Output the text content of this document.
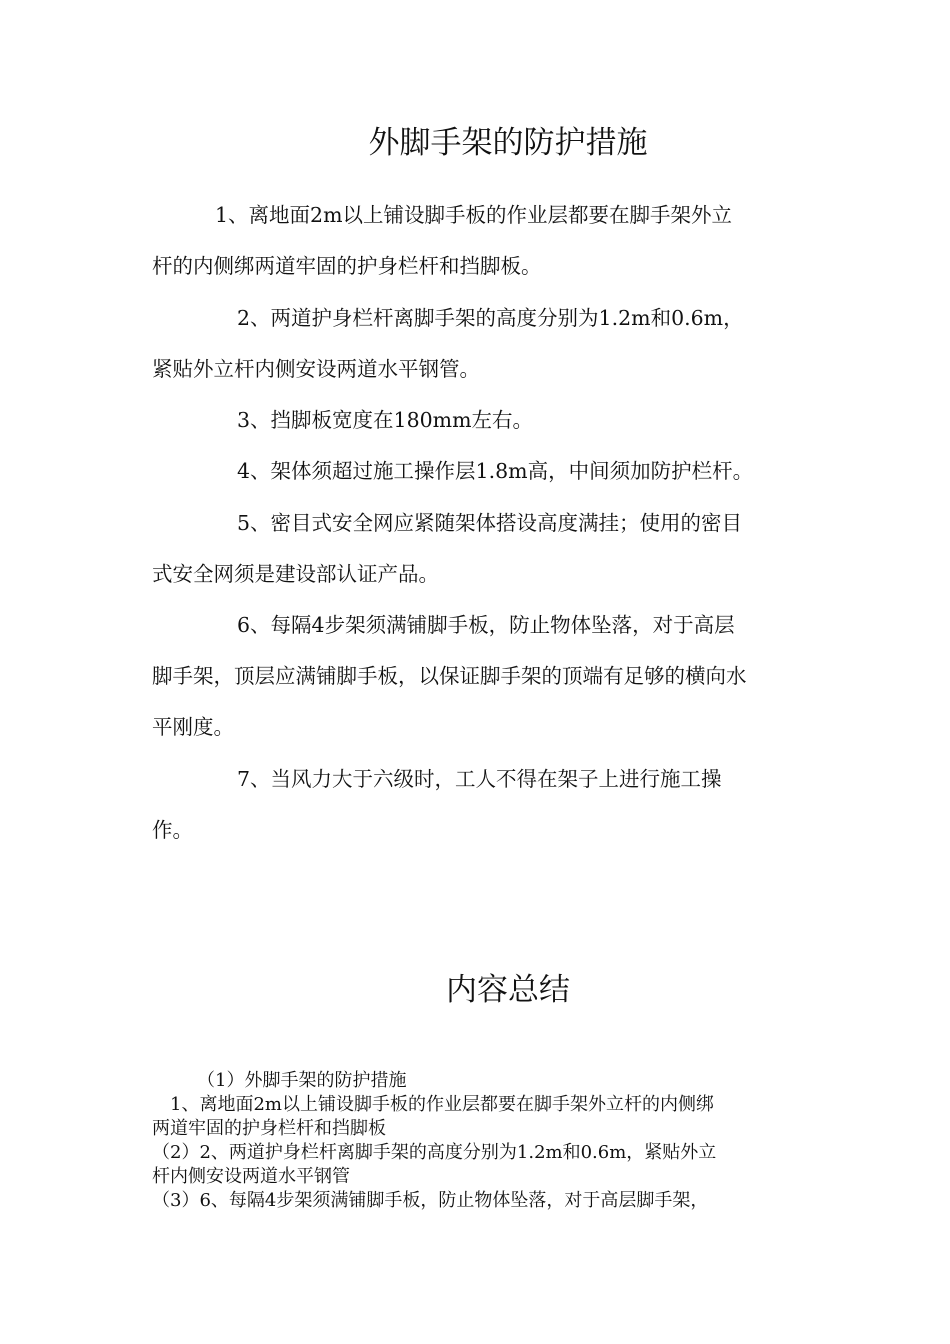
外脚手架的防护措施
1、离地面2m以上铺设脚手板的作业层都要在脚手架外立
杆的内侧绑两道牢固的护身栏杆和挡脚板。
2、两道护身栏杆离脚手架的高度分别为1.2m和0.6m，
紧贴外立杆内侧安设两道水平钢管。
3、挡脚板宽度在180mm左右。
4、架体须超过施工操作层1.8m高，中间须加防护栏杆。
5、密目式安全网应紧随架体搭设高度满挂；使用的密目
式安全网须是建设部认证产品。
6、每隔4步架须满铺脚手板，防止物体坠落，对于高层
脚手架，顶层应满铺脚手板，以保证脚手架的顶端有足够的横向水
平刚度。
7、当风力大于六级时，工人不得在架子上进行施工操
作。
内容总结
（1）外脚手架的防护措施
1、离地面2m以上铺设脚手板的作业层都要在脚手架外立杆的内侧绑
两道牢固的护身栏杆和挡脚板
（2）2、两道护身栏杆离脚手架的高度分别为1.2m和0.6m，紧贴外立
杆内侧安设两道水平钢管
（3）6、每隔4步架须满铺脚手板，防止物体坠落，对于高层脚手架，
